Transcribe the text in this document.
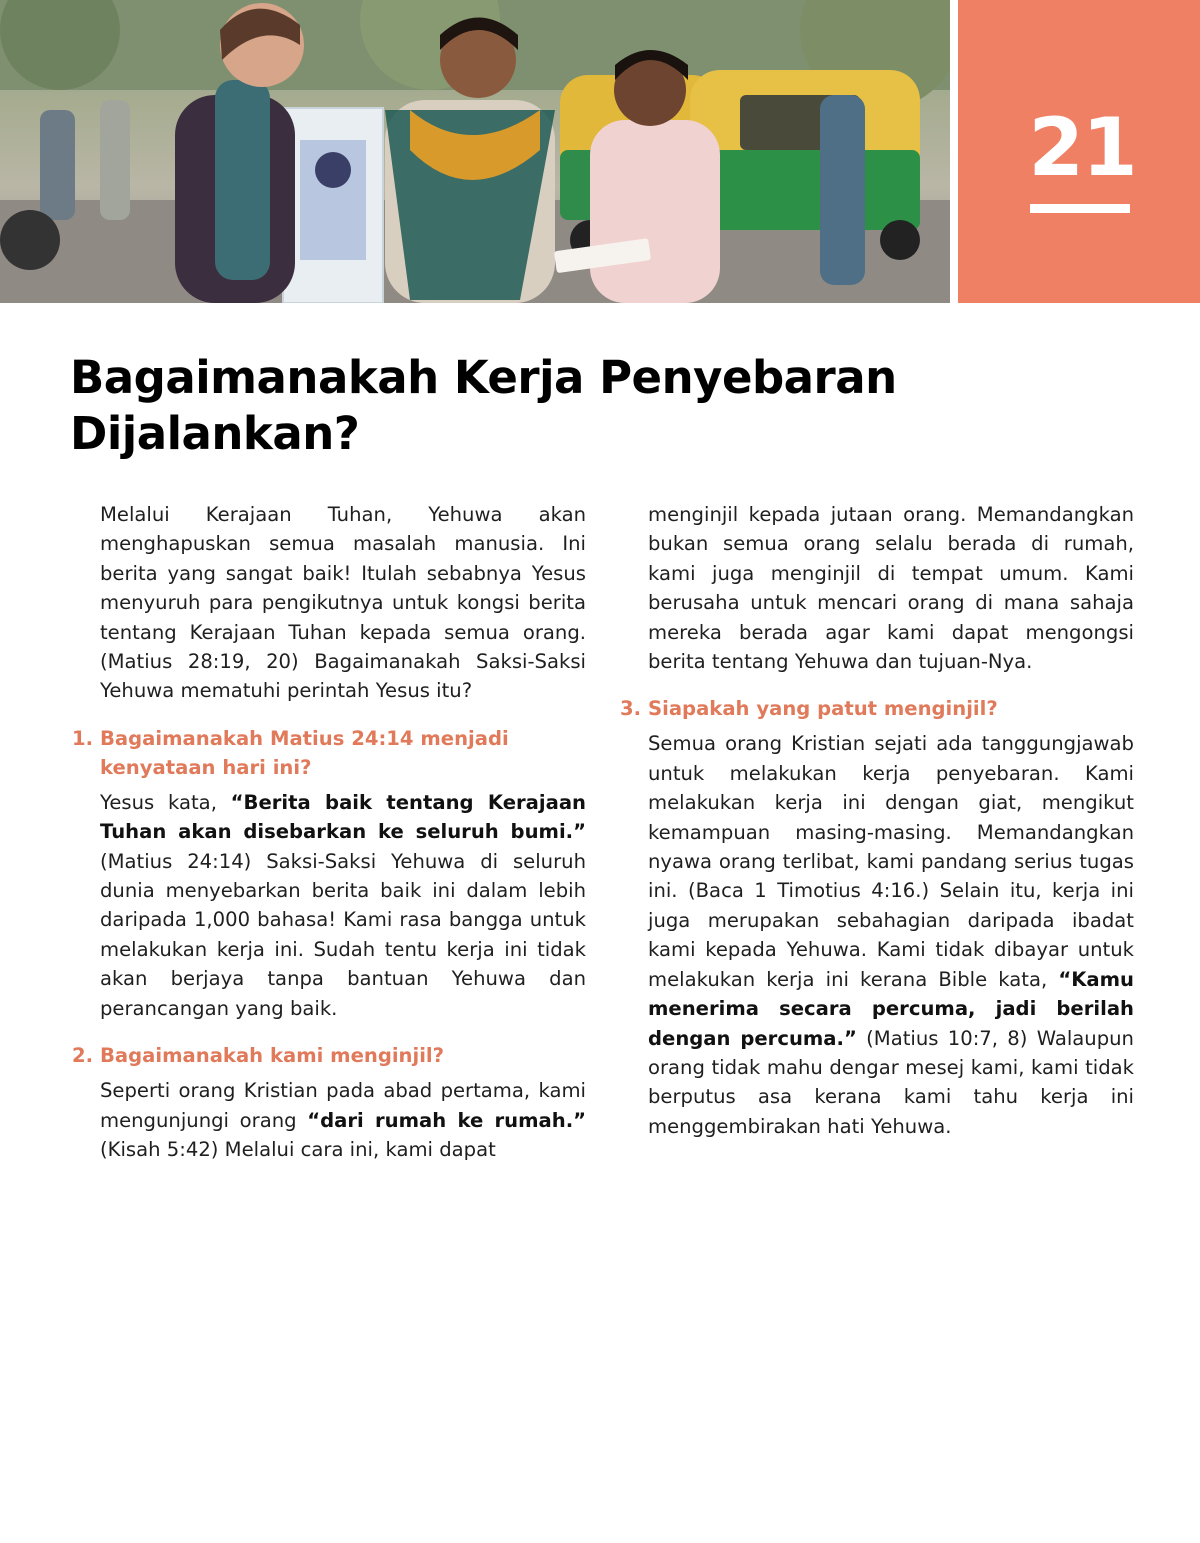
21
Bagaimanakah Kerja Penyebaran Dijalankan?

Melalui Kerajaan Tuhan, Yehuwa akan menghapuskan semua masalah manusia. Ini berita yang sangat baik! Itulah sebabnya Yesus menyuruh para pengikutnya untuk kongsi berita tentang Kerajaan Tuhan kepada semua orang. (Matius 28:19, 20) Bagaimanakah Saksi-Saksi Yehuwa mematuhi perintah Yesus itu?

1. Bagaimanakah Matius 24:14 menjadi kenyataan hari ini?

Yesus kata, “Berita baik tentang Kerajaan Tuhan akan disebarkan ke seluruh bumi.” (Matius 24:14) Saksi-Saksi Yehuwa di seluruh dunia menyebarkan berita baik ini dalam lebih daripada 1,000 bahasa! Kami rasa bangga untuk melakukan kerja ini. Sudah tentu kerja ini tidak akan berjaya tanpa bantuan Yehuwa dan perancangan yang baik.

2. Bagaimanakah kami menginjil?

Seperti orang Kristian pada abad pertama, kami mengunjungi orang “dari rumah ke rumah.” (Kisah 5:42) Melalui cara ini, kami dapat

menginjil kepada jutaan orang. Memandangkan bukan semua orang selalu berada di rumah, kami juga menginjil di tempat umum. Kami berusaha untuk mencari orang di mana sahaja mereka berada agar kami dapat mengongsi berita tentang Yehuwa dan tujuan-Nya.

3. Siapakah yang patut menginjil?

Semua orang Kristian sejati ada tanggungjawab untuk melakukan kerja penyebaran. Kami melakukan kerja ini dengan giat, mengikut kemampuan masing-masing. Memandangkan nyawa orang terlibat, kami pandang serius tugas ini. (Baca 1 Timotius 4:16.) Selain itu, kerja ini juga merupakan sebahagian daripada ibadat kami kepada Yehuwa. Kami tidak dibayar untuk melakukan kerja ini kerana Bible kata, “Kamu menerima secara percuma, jadi berilah dengan percuma.” (Matius 10:7, 8) Walaupun orang tidak mahu dengar mesej kami, kami tidak berputus asa kerana kami tahu kerja ini menggembirakan hati Yehuwa.
